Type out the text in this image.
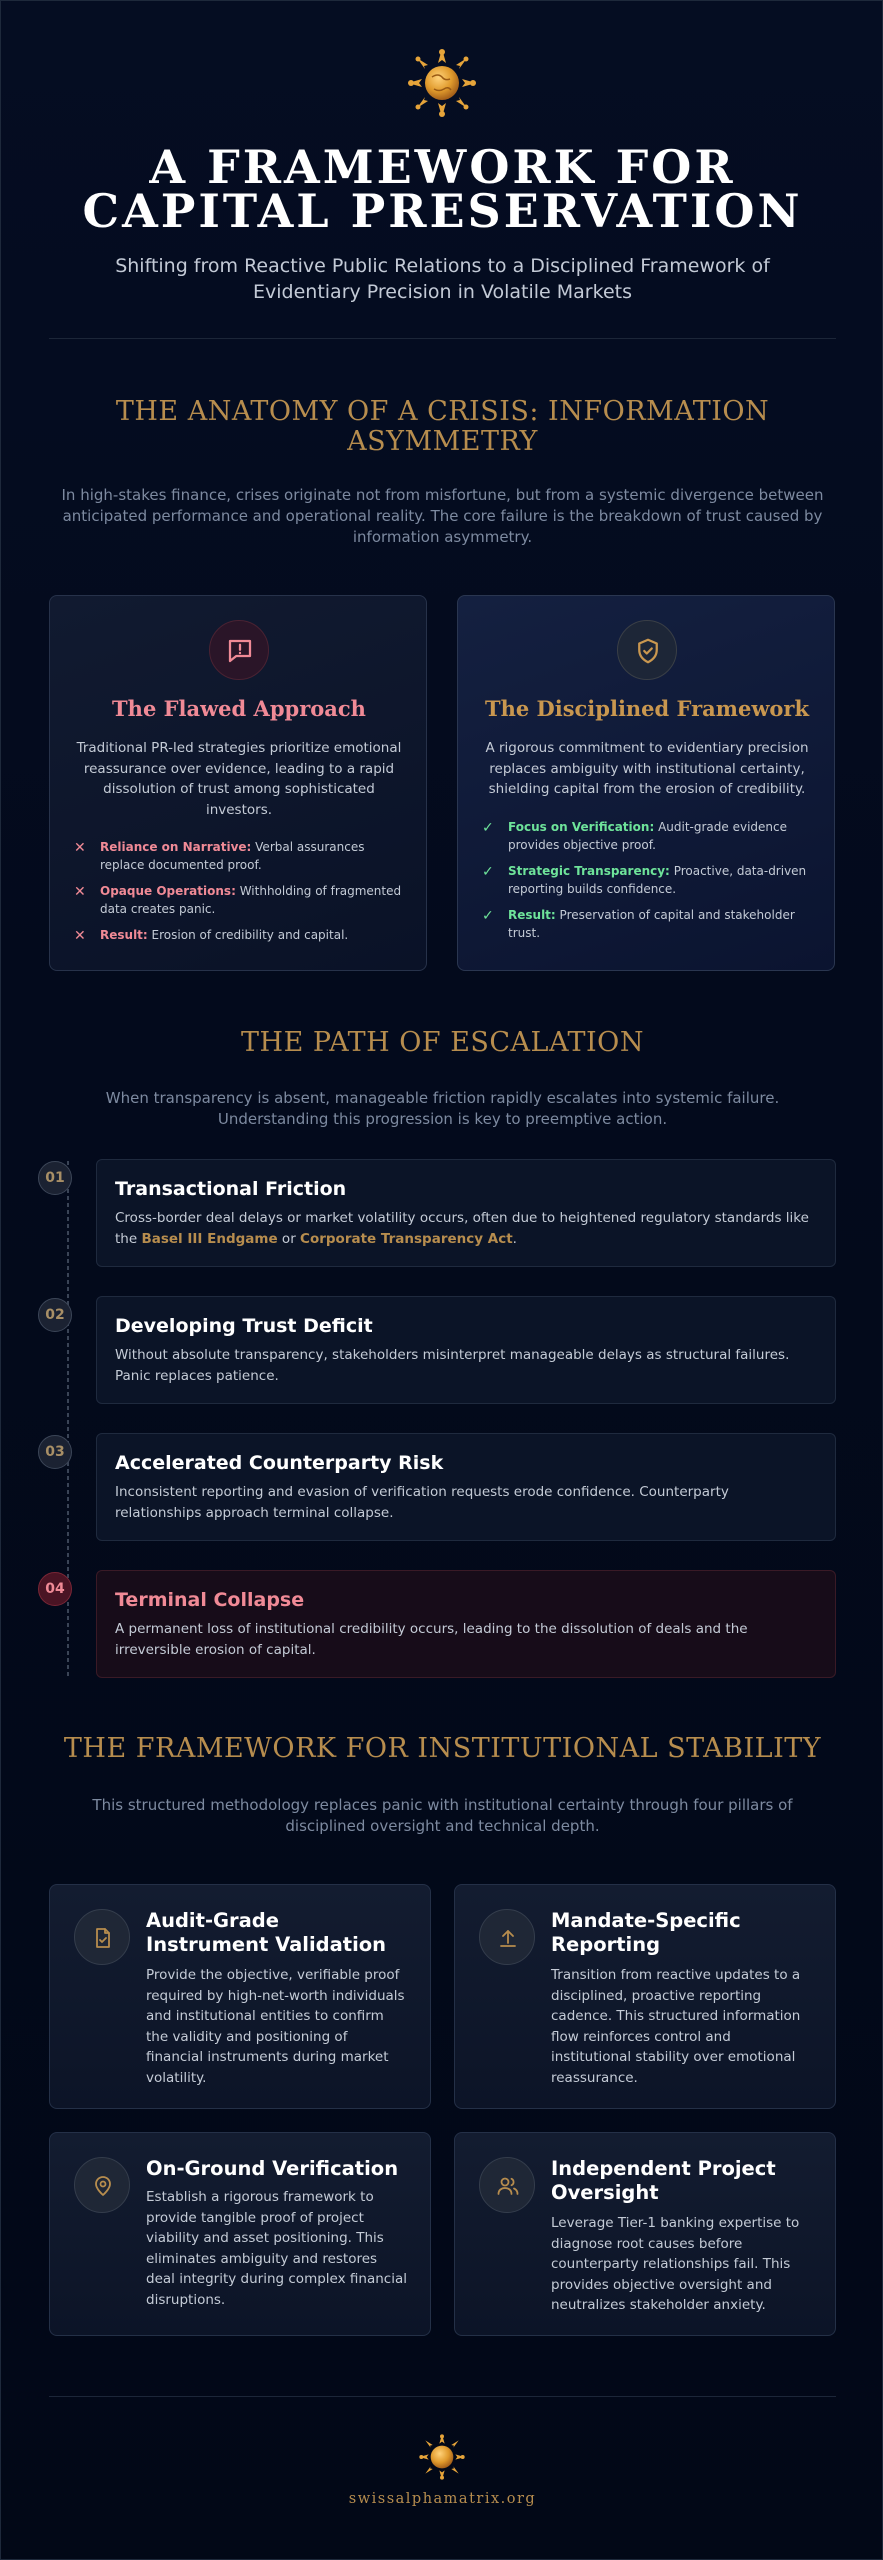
A FRAMEWORK FOR
CAPITAL PRESERVATION
Shifting from Reactive Public Relations to a Disciplined Framework of Evidentiary Precision in Volatile Markets
THE ANATOMY OF A CRISIS: INFORMATION ASYMMETRY
In high-stakes finance, crises originate not from misfortune, but from a systemic divergence between anticipated performance and operational reality. The core failure is the breakdown of trust caused by information asymmetry.
The Flawed Approach
Traditional PR-led strategies prioritize emotional reassurance over evidence, leading to a rapid dissolution of trust among sophisticated investors.
✕ Reliance on Narrative: Verbal assurances replace documented proof.
✕ Opaque Operations: Withholding of fragmented data creates panic.
✕ Result: Erosion of credibility and capital.
The Disciplined Framework
A rigorous commitment to evidentiary precision replaces ambiguity with institutional certainty, shielding capital from the erosion of credibility.
✓ Focus on Verification: Audit-grade evidence provides objective proof.
✓ Strategic Transparency: Proactive, data-driven reporting builds confidence.
✓ Result: Preservation of capital and stakeholder trust.
THE PATH OF ESCALATION
When transparency is absent, manageable friction rapidly escalates into systemic failure. Understanding this progression is key to preemptive action.
01	Transactional Friction
Cross-border deal delays or market volatility occurs, often due to heightened regulatory standards like the Basel III Endgame or Corporate Transparency Act.
02	Developing Trust Deficit
Without absolute transparency, stakeholders misinterpret manageable delays as structural failures. Panic replaces patience.
03	Accelerated Counterparty Risk
Inconsistent reporting and evasion of verification requests erode confidence. Counterparty relationships approach terminal collapse.
04	Terminal Collapse
A permanent loss of institutional credibility occurs, leading to the dissolution of deals and the irreversible erosion of capital.
THE FRAMEWORK FOR INSTITUTIONAL STABILITY
This structured methodology replaces panic with institutional certainty through four pillars of disciplined oversight and technical depth.
Audit-Grade Instrument Validation
Provide the objective, verifiable proof required by high-net-worth individuals and institutional entities to confirm the validity and positioning of financial instruments during market volatility.
Mandate-Specific Reporting
Transition from reactive updates to a disciplined, proactive reporting cadence. This structured information flow reinforces control and institutional stability over emotional reassurance.
On-Ground Verification
Establish a rigorous framework to provide tangible proof of project viability and asset positioning. This eliminates ambiguity and restores deal integrity during complex financial disruptions.
Independent Project Oversight
Leverage Tier-1 banking expertise to diagnose root causes before counterparty relationships fail. This provides objective oversight and neutralizes stakeholder anxiety.
swissalphamatrix.org
